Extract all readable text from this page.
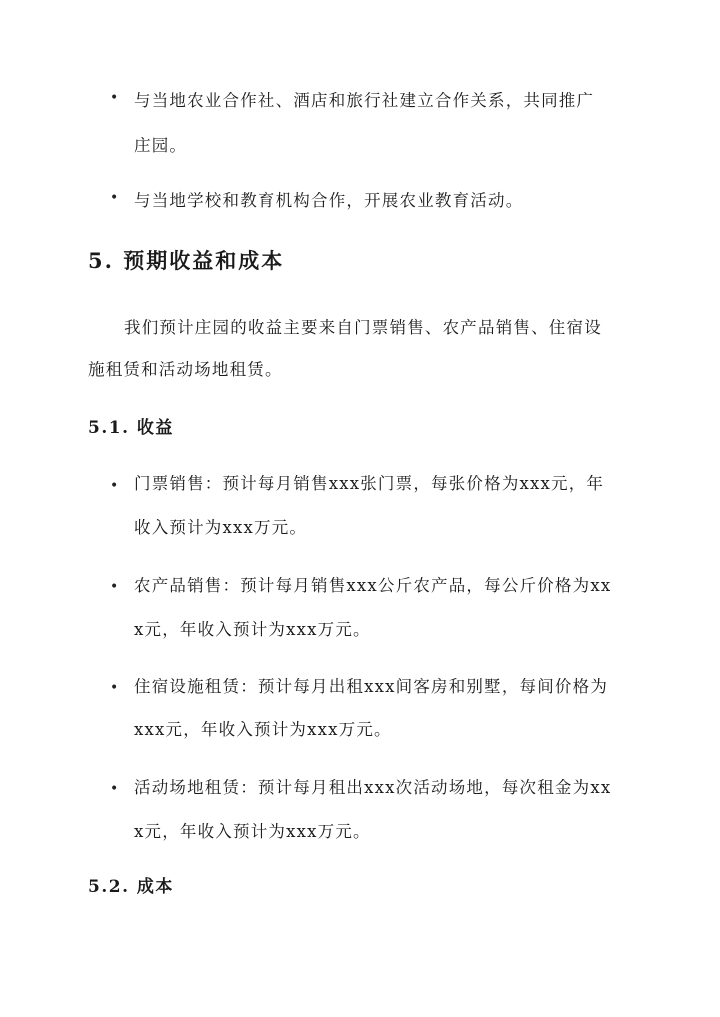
• 与当地农业合作社、酒店和旅行社建立合作关系，共同推广
庄园。
• 与当地学校和教育机构合作，开展农业教育活动。
5. 预期收益和成本
我们预计庄园的收益主要来自门票销售、农产品销售、住宿设
施租赁和活动场地租赁。
5.1. 收益
• 门票销售：预计每月销售xxx张门票，每张价格为xxx元，年
收入预计为xxx万元。
• 农产品销售：预计每月销售xxx公斤农产品，每公斤价格为xx
x元，年收入预计为xxx万元。
• 住宿设施租赁：预计每月出租xxx间客房和别墅，每间价格为
xxx元，年收入预计为xxx万元。
• 活动场地租赁：预计每月租出xxx次活动场地，每次租金为xx
x元，年收入预计为xxx万元。
5.2. 成本
